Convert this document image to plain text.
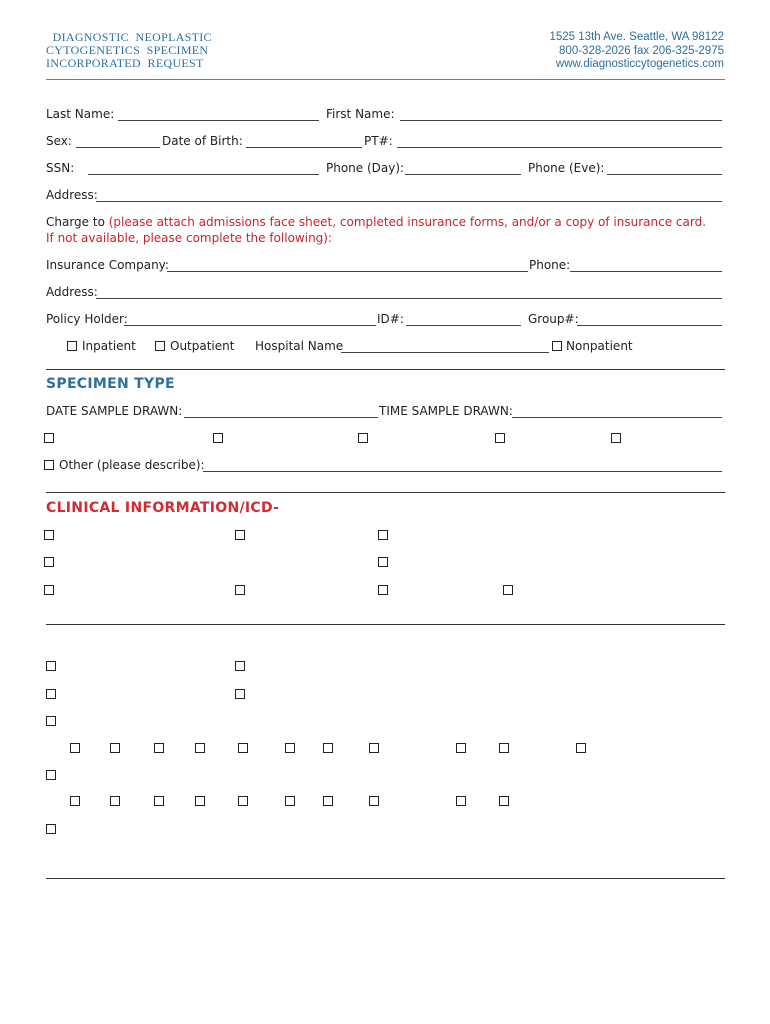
DIAGNOSTIC  NEOPLASTIC
CYTOGENETICS  SPECIMEN
INCORPORATED  REQUEST
1525 13th Ave. Seattle, WA 98122
800-328-2026 fax 206-325-2975
www.diagnosticcytogenetics.com
Last Name:	First Name:
Sex:	Date of Birth:	PT#:
SSN:	Phone (Day):	Phone (Eve):
Address:
Charge to (please attach admissions face sheet, completed insurance forms, and/or a copy of insurance card.
If not available, please complete the following):
Insurance Company:	Phone:
Address:
Policy Holder:	ID#:	Group#:
Inpatient	Outpatient Hospital Name	Nonpatient
SPECIMEN TYPE
DATE SAMPLE DRAWN:	TIME SAMPLE DRAWN:
Other (please describe):
CLINICAL INFORMATION/ICD-
